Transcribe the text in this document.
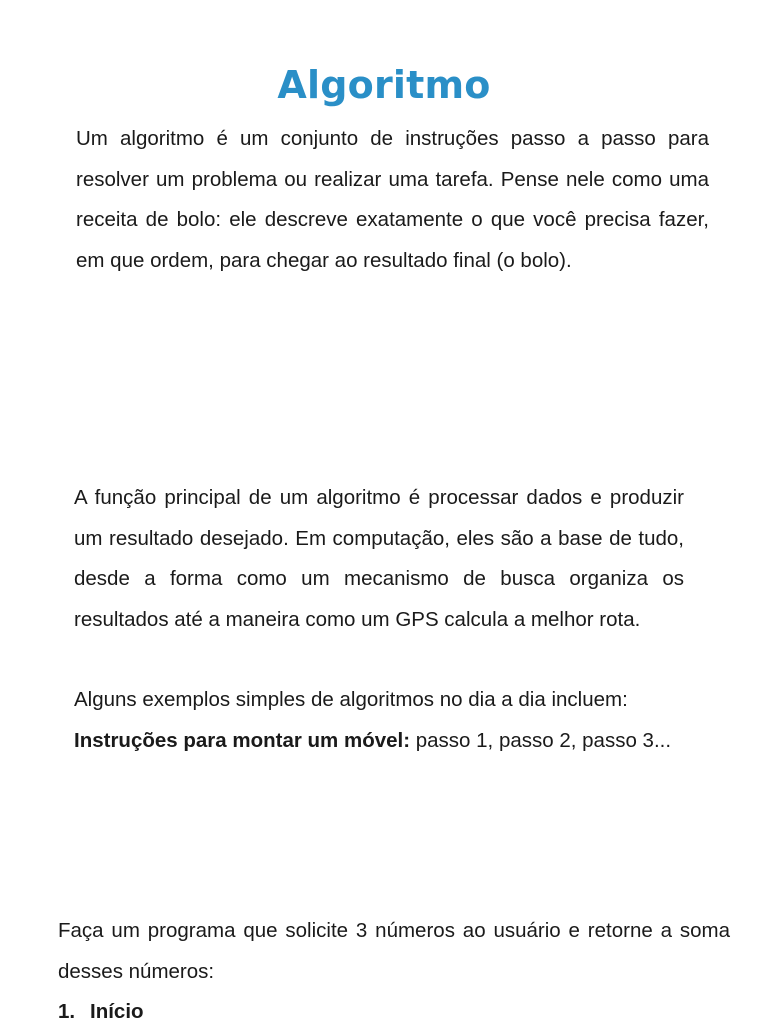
Algoritmo

Um algoritmo é um conjunto de instruções passo a passo para resolver um problema ou realizar uma tarefa. Pense nele como uma receita de bolo: ele descreve exatamente o que você precisa fazer, em que ordem, para chegar ao resultado final (o bolo).

A função principal de um algoritmo é processar dados e produzir um resultado desejado. Em computação, eles são a base de tudo, desde a forma como um mecanismo de busca organiza os resultados até a maneira como um GPS calcula a melhor rota.

Alguns exemplos simples de algoritmos no dia a dia incluem:

Instruções para montar um móvel: passo 1, passo 2, passo 3...

Faça um programa que solicite 3 números ao usuário e retorne a soma desses números:

1. Início
